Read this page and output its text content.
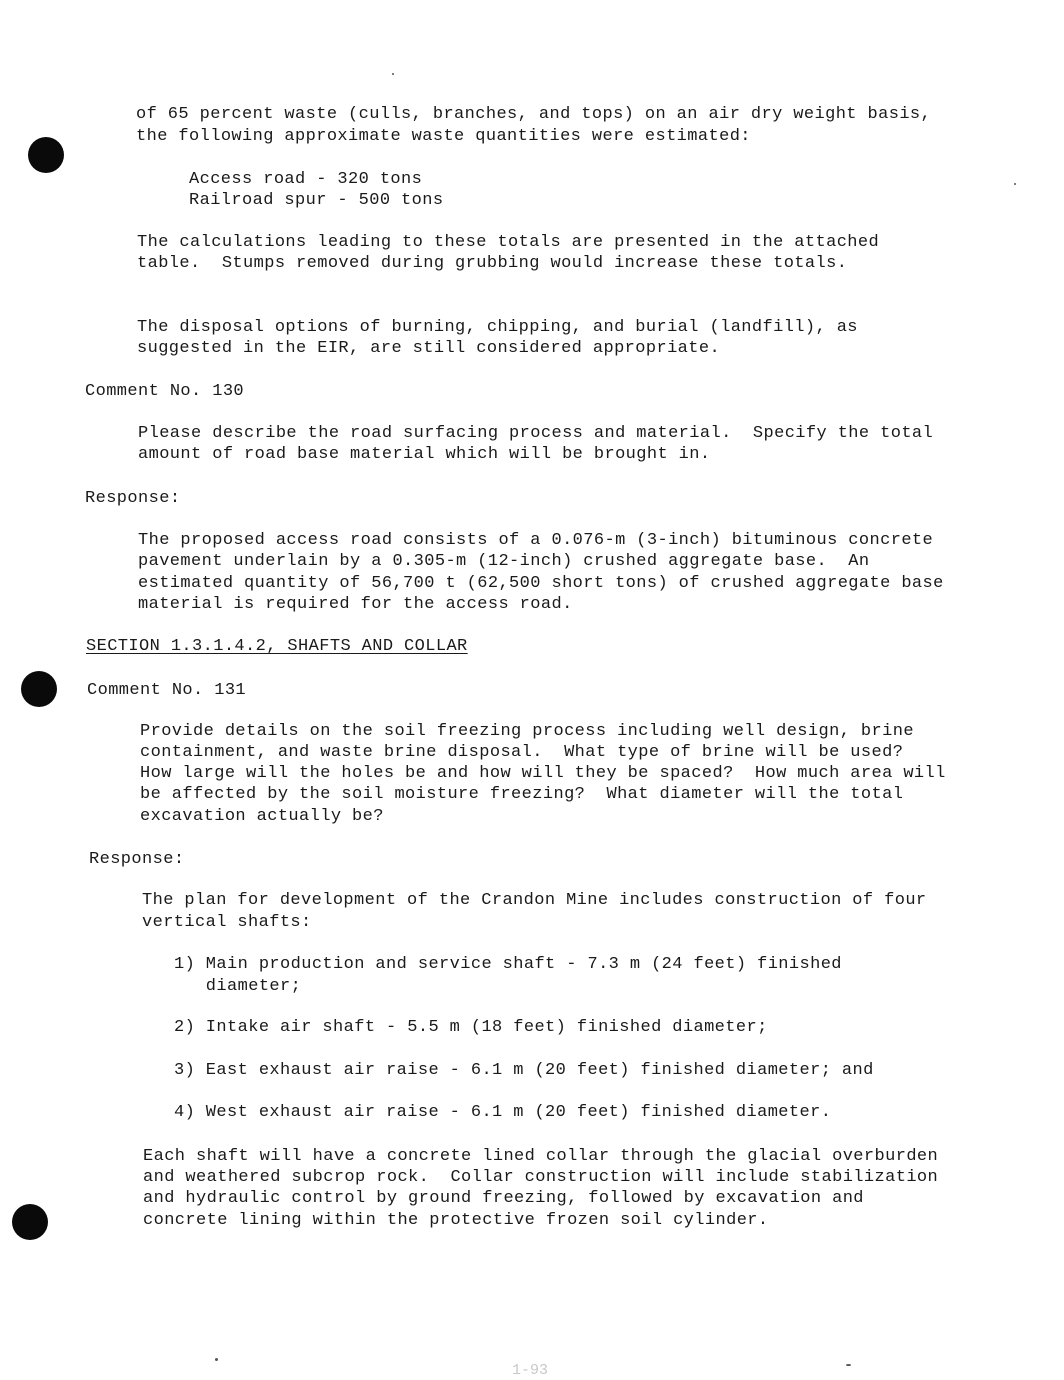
of 65 percent waste (culls, branches, and tops) on an air dry weight basis,
the following approximate waste quantities were estimated:
Access road - 320 tons
Railroad spur - 500 tons
The calculations leading to these totals are presented in the attached
table.  Stumps removed during grubbing would increase these totals.
The disposal options of burning, chipping, and burial (landfill), as
suggested in the EIR, are still considered appropriate.
Comment No. 130
Please describe the road surfacing process and material.  Specify the total
amount of road base material which will be brought in.
Response:
The proposed access road consists of a 0.076-m (3-inch) bituminous concrete
pavement underlain by a 0.305-m (12-inch) crushed aggregate base.  An
estimated quantity of 56,700 t (62,500 short tons) of crushed aggregate base
material is required for the access road.
SECTION 1.3.1.4.2, SHAFTS AND COLLAR
Comment No. 131
Provide details on the soil freezing process including well design, brine
containment, and waste brine disposal.  What type of brine will be used?
How large will the holes be and how will they be spaced?  How much area will
be affected by the soil moisture freezing?  What diameter will the total
excavation actually be?
Response:
The plan for development of the Crandon Mine includes construction of four
vertical shafts:
1) Main production and service shaft - 7.3 m (24 feet) finished
diameter;
2) Intake air shaft - 5.5 m (18 feet) finished diameter;
3) East exhaust air raise - 6.1 m (20 feet) finished diameter; and
4) West exhaust air raise - 6.1 m (20 feet) finished diameter.
Each shaft will have a concrete lined collar through the glacial overburden
and weathered subcrop rock.  Collar construction will include stabilization
and hydraulic control by ground freezing, followed by excavation and
concrete lining within the protective frozen soil cylinder.
1-93
